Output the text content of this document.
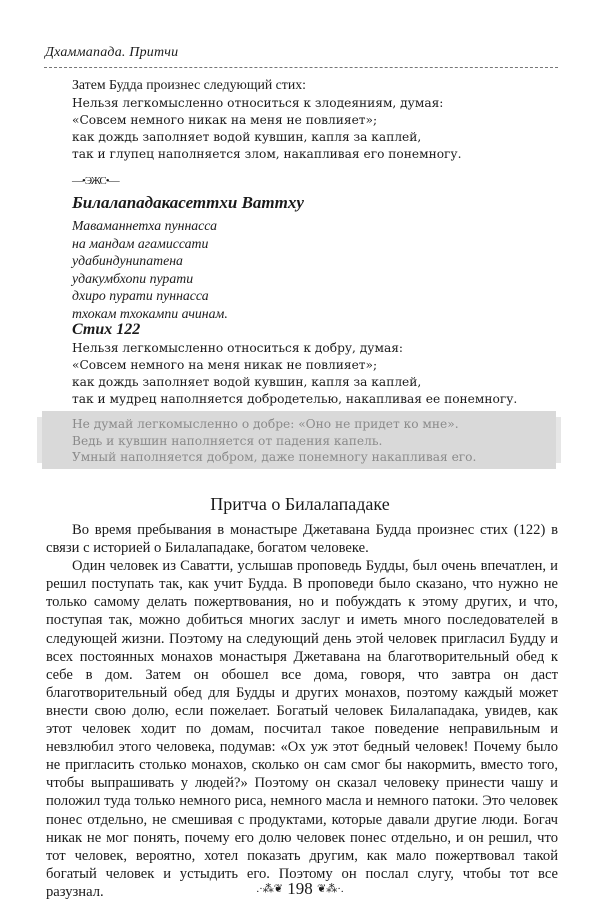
Дхаммапада. Притчи
Затем Будда произнес следующий стих:
Нельзя легкомысленно относиться к злодеяниям, думая:
«Совсем немного никак на меня не повлияет»;
как дождь заполняет водой кувшин, капля за каплей,
так и глупец наполняется злом, накапливая его понемногу.
—•ЭЖС•—
Билалападакасеттхи Ваттху
Маваманнетха пуннасса
на мандам агамиссати
удабиндунипатена
удакумбхопи пурати
дхиро пурати пуннасса
тхокам тхокампи ачинам.
Стих 122
Нельзя легкомысленно относиться к добру, думая:
«Совсем немного на меня никак не повлияет»;
как дождь заполняет водой кувшин, капля за каплей,
так и мудрец наполняется добродетелью, накапливая ее понемногу.
Не думай легкомысленно о добре: «Оно не придет ко мне».
Ведь и кувшин наполняется от падения капель.
Умный наполняется добром, даже понемногу накапливая его.
Притча о Билалападаке

Во время пребывания в монастыре Джетавана Будда произнес стих (122) в связи с историей о Билалападаке, богатом человеке.

Один человек из Саватти, услышав проповедь Будды, был очень впечатлен, и решил поступать так, как учит Будда. В проповеди было сказано, что нужно не только самому делать пожертвования, но и побуждать к этому других, и что, поступая так, можно добиться многих заслуг и иметь много последователей в следующей жизни. Поэтому на следующий день этой человек пригласил Будду и всех постоянных монахов монастыря Джетавана на благотворительный обед к себе в дом. Затем он обошел все дома, говоря, что завтра он даст благотворительный обед для Будды и других монахов, поэтому каждый может внести свою долю, если пожелает. Богатый человек Билалападака, увидев, как этот человек ходит по домам, посчитал такое поведение неправильным и невзлюбил этого человека, подумав: «Ох уж этот бедный человек! Почему было не пригласить столько монахов, сколько он сам смог бы накормить, вместо того, чтобы выпрашивать у людей?» Поэтому он сказал человеку принести чашу и положил туда только немного риса, немного масла и немного патоки. Это человек понес отдельно, не смешивая с продуктами, которые давали другие люди. Богач никак не мог понять, почему его долю человек понес отдельно, и он решил, что тот человек, вероятно, хотел показать другим, как мало пожертвовал такой богатый человек и устыдить его. Поэтому он послал слугу, чтобы тот все разузнал.	.·⁂❦ 198 ❦⁂·.
